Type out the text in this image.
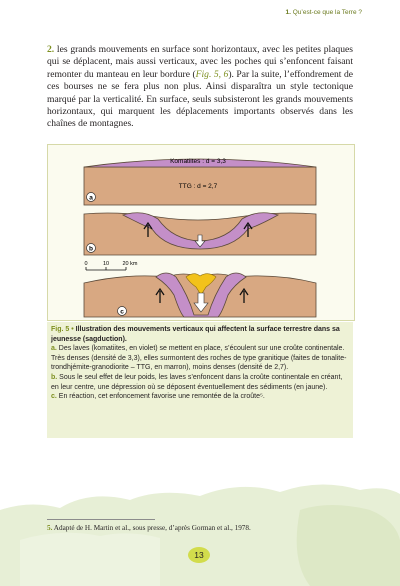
1. Qu’est-ce que la Terre ?

2. les grands mouvements en surface sont horizontaux, avec les petites plaques qui se déplacent, mais aussi verticaux, avec les poches qui s’enfoncent faisant remonter du manteau en leur bordure (Fig. 5, 6). Par la suite, l’effondrement de ces bourses ne se fera plus non plus. Ainsi disparaîtra un style tectonique marqué par la verticalité. En surface, seuls subsisteront les grands mouvements horizontaux, qui marquent les déplacements importants observés dans les chaînes de montagnes.

Komatiites : d = 3,3
TTG : d = 2,7
a
b
0	10 20 km
c

Fig. 5 • Illustration des mouvements verticaux qui affectent la surface terrestre dans sa jeunesse (sagduction).

a. Des laves (komatiites, en violet) se mettent en place, s’écoulent sur une croûte continentale. Très denses (densité de 3,3), elles surmontent des roches de type granitique (faites de tonalite- trondhjémite-granodiorite – TTG, en marron), moins denses (densité de 2,7).

b. Sous le seul effet de leur poids, les laves s’enfoncent dans la croûte continentale en créant, en leur centre, une dépression où se déposent éventuellement des sédiments (en jaune).

c. En réaction, cet enfoncement favorise une remontée de la croûte⁵.

5. Adapté de H. Martin et al., sous presse, d’après Gorman et al., 1978.
13
